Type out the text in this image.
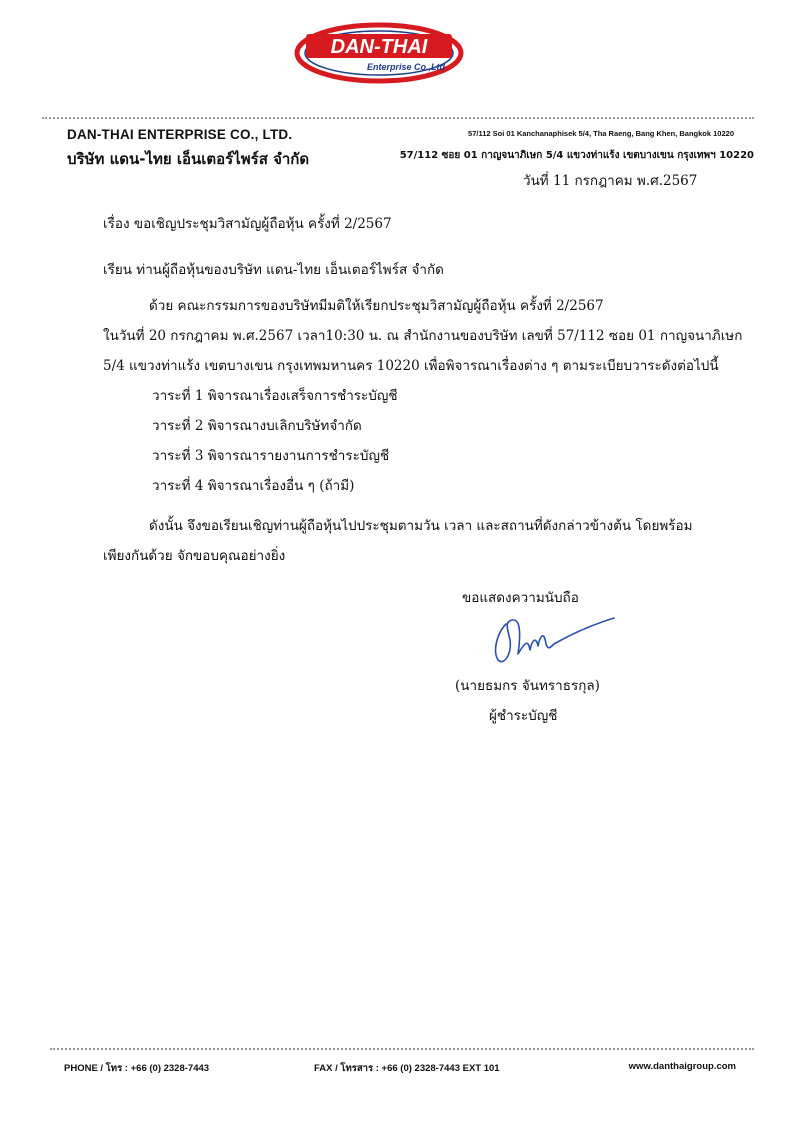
DAN-THAI
Enterprise Co.,Ltd
DAN-THAI ENTERPRISE CO., LTD.
บริษัท แดน-ไทย เอ็นเตอร์ไพร์ส จำกัด
57/112 Soi 01 Kanchanaphisek 5/4, Tha Raeng, Bang Khen, Bangkok 10220
57/112 ซอย 01 กาญจนาภิเษก 5/4 แขวงท่าแร้ง เขตบางเขน กรุงเทพฯ 10220
วันที่ 11 กรกฎาคม พ.ศ.2567
เรื่อง ขอเชิญประชุมวิสามัญผู้ถือหุ้น ครั้งที่ 2/2567
เรียน ท่านผู้ถือหุ้นของบริษัท แดน-ไทย เอ็นเตอร์ไพร์ส จำกัด
ด้วย คณะกรรมการของบริษัทมีมติให้เรียกประชุมวิสามัญผู้ถือหุ้น ครั้งที่ 2/2567
ในวันที่ 20 กรกฎาคม พ.ศ.2567 เวลา10:30 น. ณ สำนักงานของบริษัท เลขที่ 57/112 ซอย 01 กาญจนาภิเษก
5/4 แขวงท่าแร้ง เขตบางเขน กรุงเทพมหานคร 10220 เพื่อพิจารณาเรื่องต่าง ๆ ตามระเบียบวาระดังต่อไปนี้
วาระที่ 1 พิจารณาเรื่องเสร็จการชำระบัญชี
วาระที่ 2 พิจารณางบเลิกบริษัทจำกัด
วาระที่ 3 พิจารณารายงานการชำระบัญชี
วาระที่ 4 พิจารณาเรื่องอื่น ๆ (ถ้ามี)
ดังนั้น จึงขอเรียนเชิญท่านผู้ถือหุ้นไปประชุมตามวัน เวลา และสถานที่ดังกล่าวข้างต้น โดยพร้อม
เพียงกันด้วย จักขอบคุณอย่างยิ่ง
ขอแสดงความนับถือ
(นายธมกร จันทราธรกุล)
ผู้ชำระบัญชี
PHONE / โทร : +66 (0) 2328-7443	FAX / โทรสาร : +66 (0) 2328-7443 EXT 101	www.danthaigroup.com
